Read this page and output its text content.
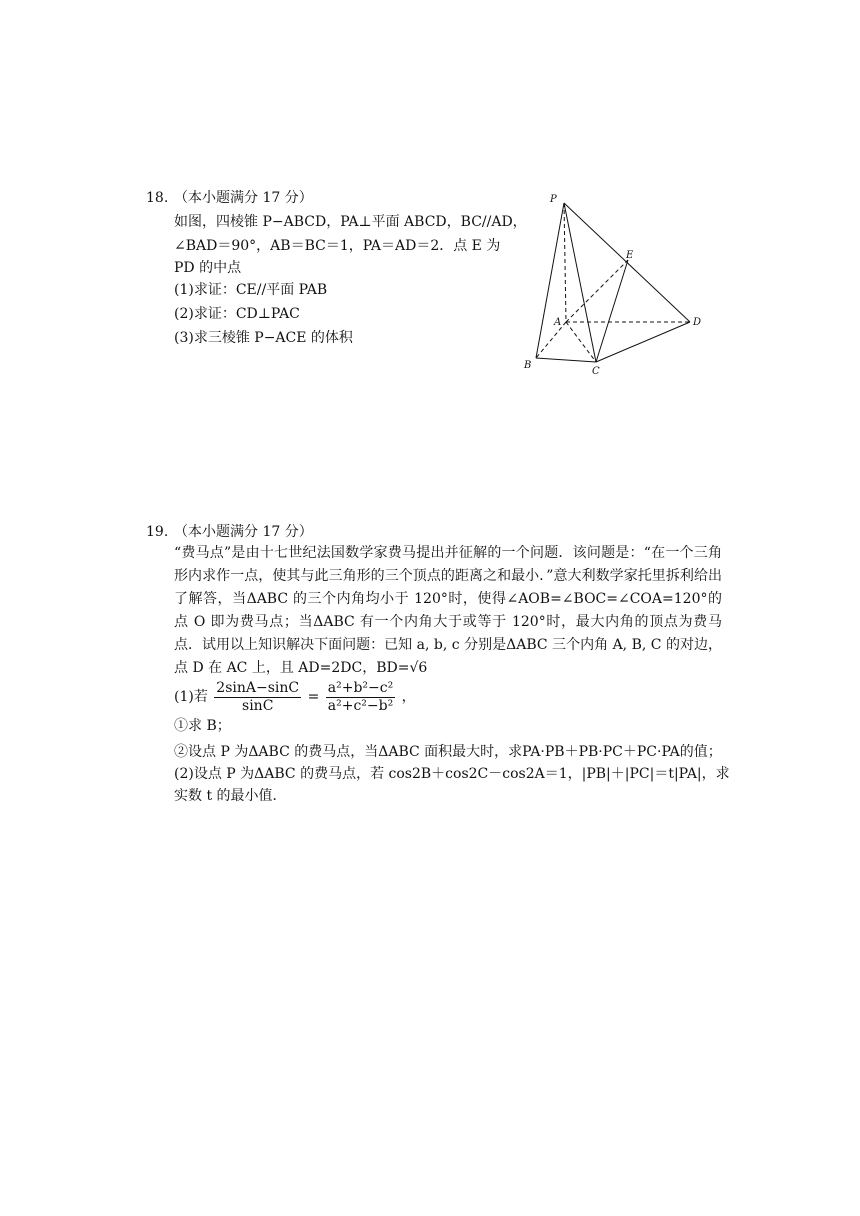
18. （本小题满分 17 分）
如图，四棱锥 P−ABCD，PA⊥平面 ABCD，BC//AD，
∠BAD＝90°，AB＝BC＝1，PA＝AD＝2．点 E 为
PD 的中点
(1)求证：CE//平面 PAB
(2)求证：CD⊥PAC
(3)求三棱锥 P−ACE 的体积
P
E
A	D
B
C
19. （本小题满分 17 分）
“费马点”是由十七世纪法国数学家费马提出并征解的一个问题．该问题是：“在一个三角形内求作一点，使其与此三角形的三个顶点的距离之和最小．”意大利数学家托里拆利给出了解答，当ΔABC 的三个内角均小于 120°时，使得∠AOB=∠BOC=∠COA=120°的点 O 即为费马点；当ΔABC 有一个内角大于或等于 120°时，最大内角的顶点为费马点．试用以上知识解决下面问题：已知 a, b, c 分别是ΔABC 三个内角 A, B, C 的对边，点 D 在 AC 上，且 AD=2DC，BD=√6
(1)若 $\frac{2\sin A-\sin C}{\sin C} = \frac{\text{a²+b²−c²}}{\text{a²+c²−b²}}$ ，
①求 B；
②设点 P 为ΔABC 的费马点，当ΔABC 面积最大时，求PA·PB＋PB·PC＋PC·PA的值；
(2)设点 P 为ΔABC 的费马点，若 cos2B＋cos2C－cos2A＝1，|PB|＋|PC|＝t|PA|，求
实数 t 的最小值．
